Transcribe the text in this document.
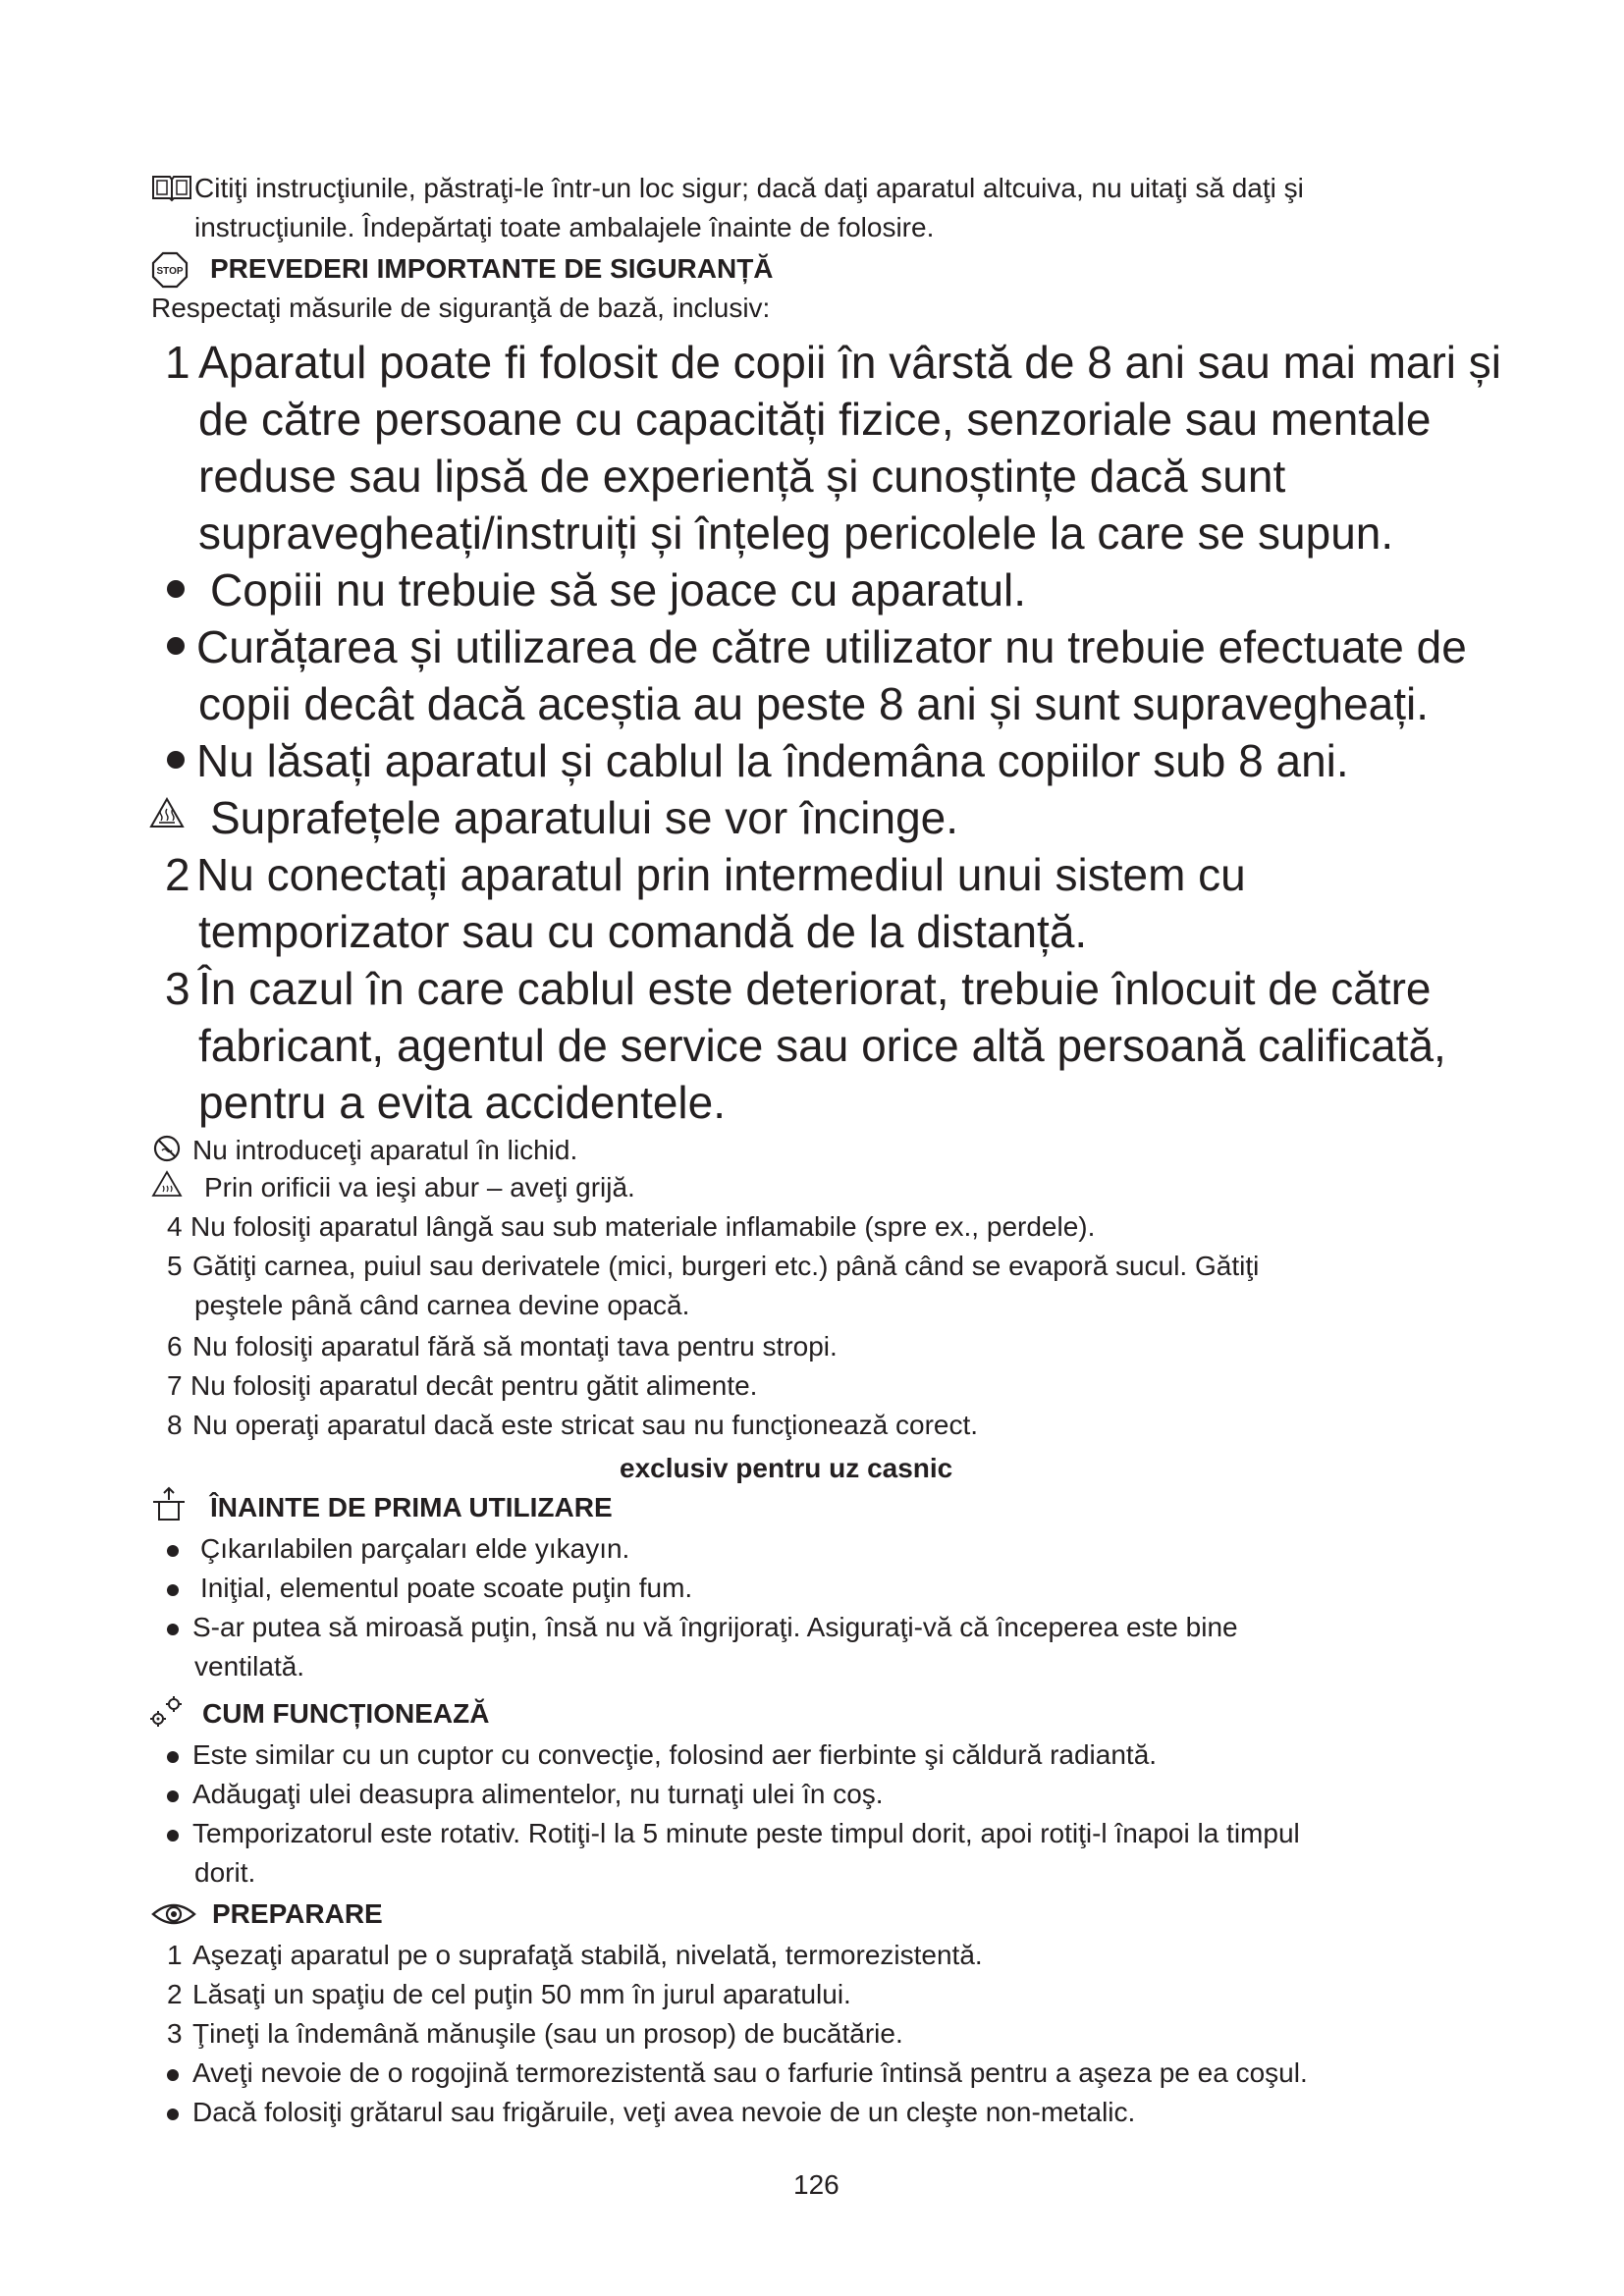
Citiţi instrucţiunile, păstraţi-le într-un loc sigur; dacă daţi aparatul altcuiva, nu uitaţi să daţi şi
instrucţiunile. Îndepărtaţi toate ambalajele înainte de folosire.
STOP PREVEDERI IMPORTANTE DE SIGURANȚĂ
Respectaţi măsurile de siguranţă de bază, inclusiv:
1 Aparatul poate fi folosit de copii în vârstă de 8 ani sau mai mari și
de către persoane cu capacități fizice, senzoriale sau mentale
reduse sau lipsă de experiență și cunoștințe dacă sunt
supravegheați/instruiți și înțeleg pericolele la care se supun.
Copiii nu trebuie să se joace cu aparatul.
Curățarea și utilizarea de către utilizator nu trebuie efectuate de
copii decât dacă aceștia au peste 8 ani și sunt supravegheați.
Nu lăsați aparatul și cablul la îndemâna copiilor sub 8 ani.
Suprafețele aparatului se vor încinge.
2 Nu conectați aparatul prin intermediul unui sistem cu
temporizator sau cu comandă de la distanță.
3 În cazul în care cablul este deteriorat, trebuie înlocuit de către
fabricant, agentul de service sau orice altă persoană calificată,
pentru a evita accidentele.
Nu introduceţi aparatul în lichid.
Prin orificii va ieşi abur – aveţi grijă.
4 Nu folosiţi aparatul lângă sau sub materiale inflamabile (spre ex., perdele).
5 Gătiţi carnea, puiul sau derivatele (mici, burgeri etc.) până când se evaporă sucul. Gătiţi
peştele până când carnea devine opacă.
6 Nu folosiţi aparatul fără să montaţi tava pentru stropi.
7 Nu folosiţi aparatul decât pentru gătit alimente.
8 Nu operaţi aparatul dacă este stricat sau nu funcţionează corect.
exclusiv pentru uz casnic
ÎNAINTE DE PRIMA UTILIZARE
Çıkarılabilen parçaları elde yıkayın.
Iniţial, elementul poate scoate puţin fum.
S-ar putea să miroasă puţin, însă nu vă îngrijoraţi. Asiguraţi-vă că începerea este bine
ventilată.
CUM FUNCȚIONEAZĂ
Este similar cu un cuptor cu convecţie, folosind aer fierbinte şi căldură radiantă.
Adăugaţi ulei deasupra alimentelor, nu turnaţi ulei în coş.
Temporizatorul este rotativ. Rotiţi-l la 5 minute peste timpul dorit, apoi rotiţi-l înapoi la timpul
dorit.
PREPARARE
1 Aşezaţi aparatul pe o suprafaţă stabilă, nivelată, termorezistentă.
2 Lăsaţi un spaţiu de cel puţin 50 mm în jurul aparatului.
3 Ţineţi la îndemână mănuşile (sau un prosop) de bucătărie.
Aveţi nevoie de o rogojină termorezistentă sau o farfurie întinsă pentru a aşeza pe ea coşul.
Dacă folosiţi grătarul sau frigăruile, veţi avea nevoie de un cleşte non-metalic.
126
